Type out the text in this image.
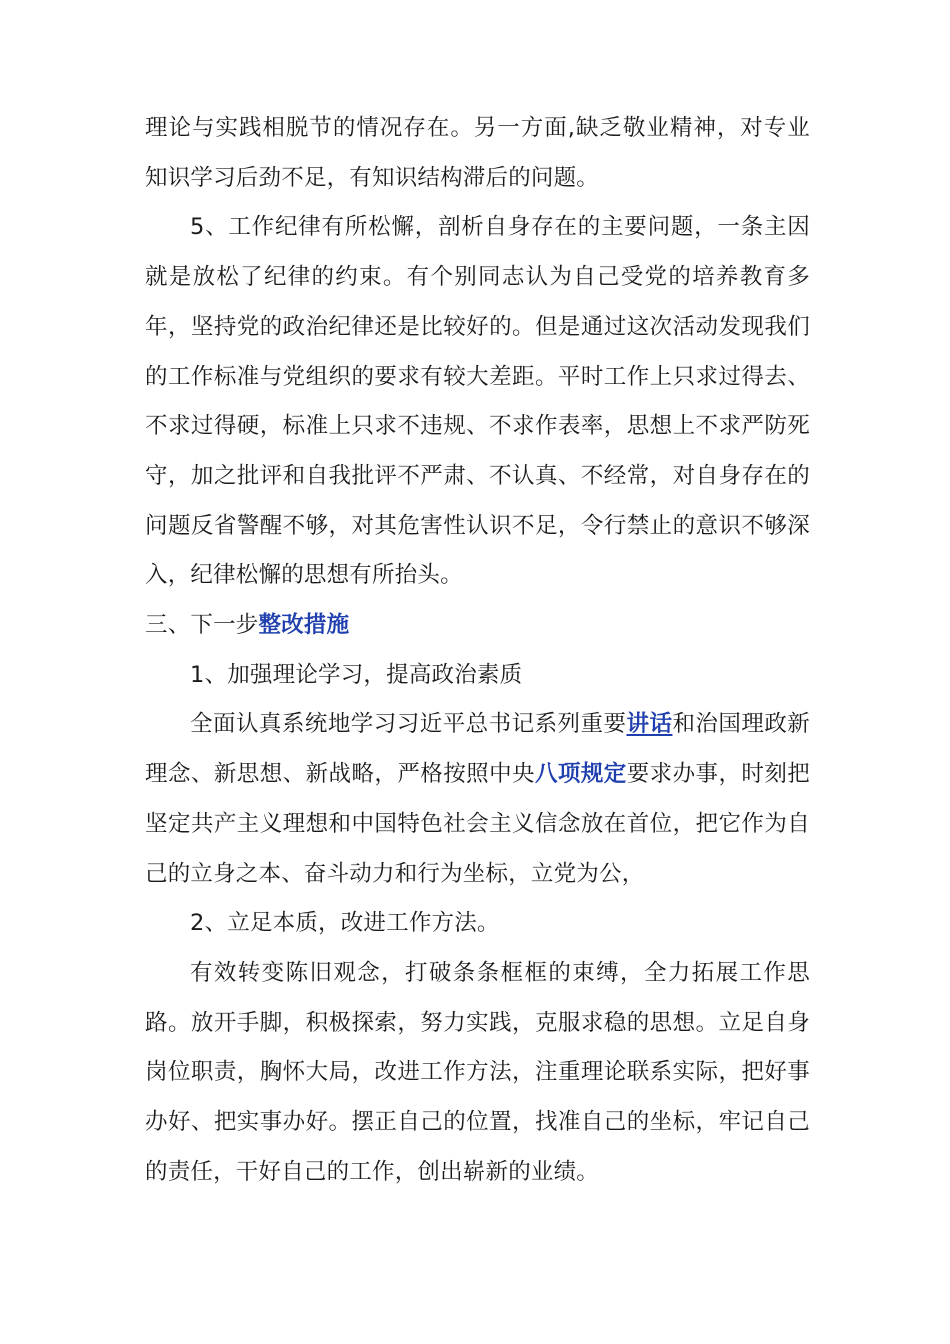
理论与实践相脱节的情况存在。另一方面,缺乏敬业精神，对专业知识学习后劲不足，有知识结构滞后的问题。

5、工作纪律有所松懈，剖析自身存在的主要问题，一条主因就是放松了纪律的约束。有个别同志认为自己受党的培养教育多年，坚持党的政治纪律还是比较好的。但是通过这次活动发现我们的工作标准与党组织的要求有较大差距。平时工作上只求过得去、不求过得硬，标准上只求不违规、不求作表率，思想上不求严防死守，加之批评和自我批评不严肃、不认真、不经常，对自身存在的问题反省警醒不够，对其危害性认识不足，令行禁止的意识不够深入，纪律松懈的思想有所抬头。

三、下一步整改措施

1、加强理论学习，提高政治素质

全面认真系统地学习习近平总书记系列重要讲话和治国理政新理念、新思想、新战略，严格按照中央八项规定要求办事，时刻把坚定共产主义理想和中国特色社会主义信念放在首位，把它作为自己的立身之本、奋斗动力和行为坐标，立党为公，

2、立足本质，改进工作方法。

有效转变陈旧观念，打破条条框框的束缚，全力拓展工作思路。放开手脚，积极探索，努力实践，克服求稳的思想。立足自身岗位职责，胸怀大局，改进工作方法，注重理论联系实际，把好事办好、把实事办好。摆正自己的位置，找准自己的坐标，牢记自己的责任，干好自己的工作，创出崭新的业绩。
